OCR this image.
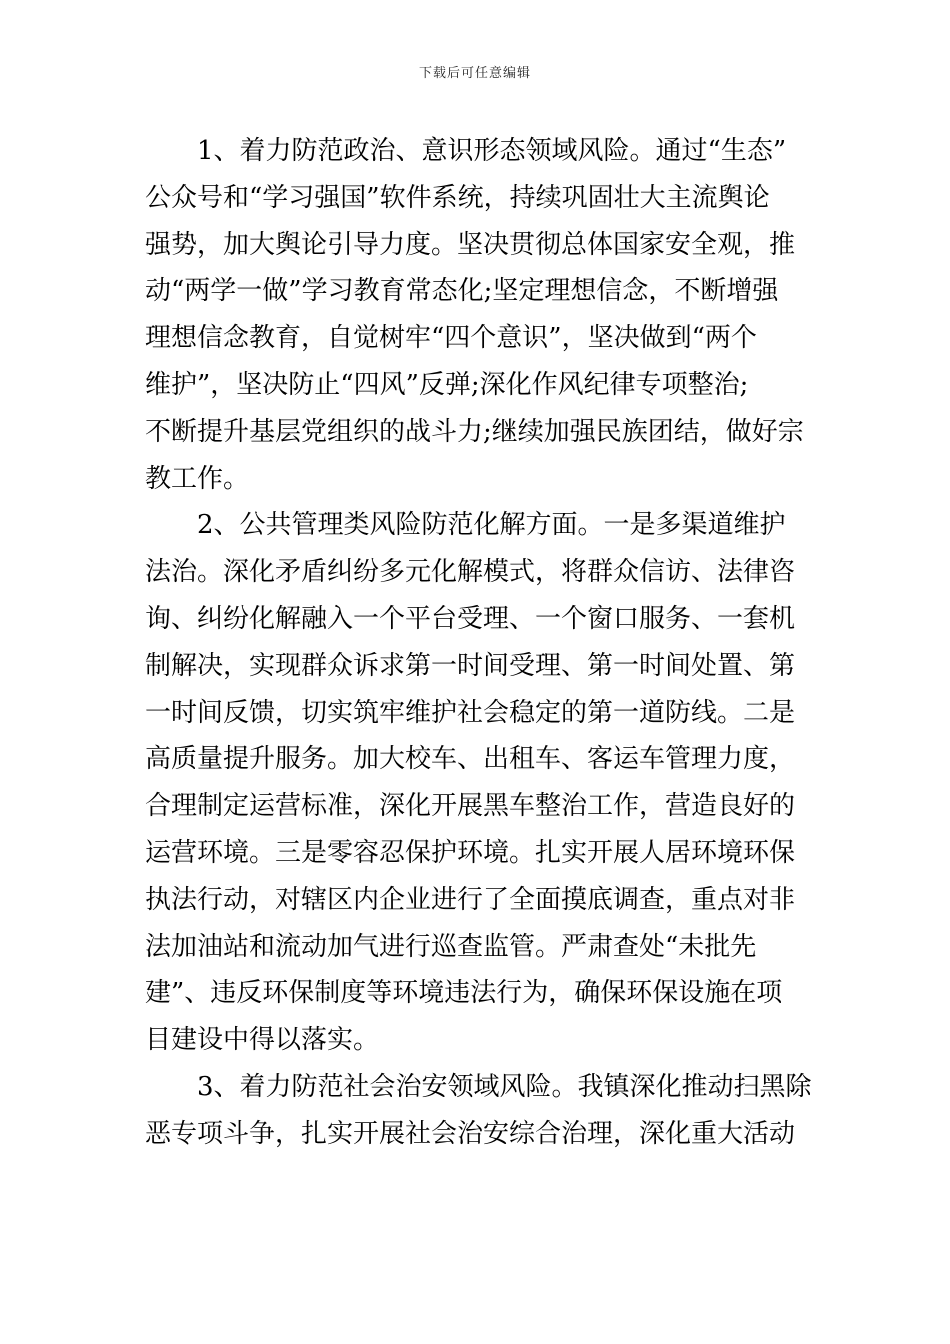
下载后可任意编辑
1、着力防范政治、意识形态领域风险。通过“生态”
公众号和“学习强国”软件系统，持续巩固壮大主流舆论
强势，加大舆论引导力度。坚决贯彻总体国家安全观，推
动“两学一做”学习教育常态化;坚定理想信念，不断增强
理想信念教育，自觉树牢“四个意识”，坚决做到“两个
维护”，坚决防止“四风”反弹;深化作风纪律专项整治;
不断提升基层党组织的战斗力;继续加强民族团结，做好宗
教工作。
2、公共管理类风险防范化解方面。一是多渠道维护
法治。深化矛盾纠纷多元化解模式，将群众信访、法律咨
询、纠纷化解融入一个平台受理、一个窗口服务、一套机
制解决，实现群众诉求第一时间受理、第一时间处置、第
一时间反馈，切实筑牢维护社会稳定的第一道防线。二是
高质量提升服务。加大校车、出租车、客运车管理力度，
合理制定运营标准，深化开展黑车整治工作，营造良好的
运营环境。三是零容忍保护环境。扎实开展人居环境环保
执法行动，对辖区内企业进行了全面摸底调查，重点对非
法加油站和流动加气进行巡查监管。严肃查处“未批先
建”、违反环保制度等环境违法行为，确保环保设施在项
目建设中得以落实。
3、着力防范社会治安领域风险。我镇深化推动扫黑除
恶专项斗争，扎实开展社会治安综合治理，深化重大活动
